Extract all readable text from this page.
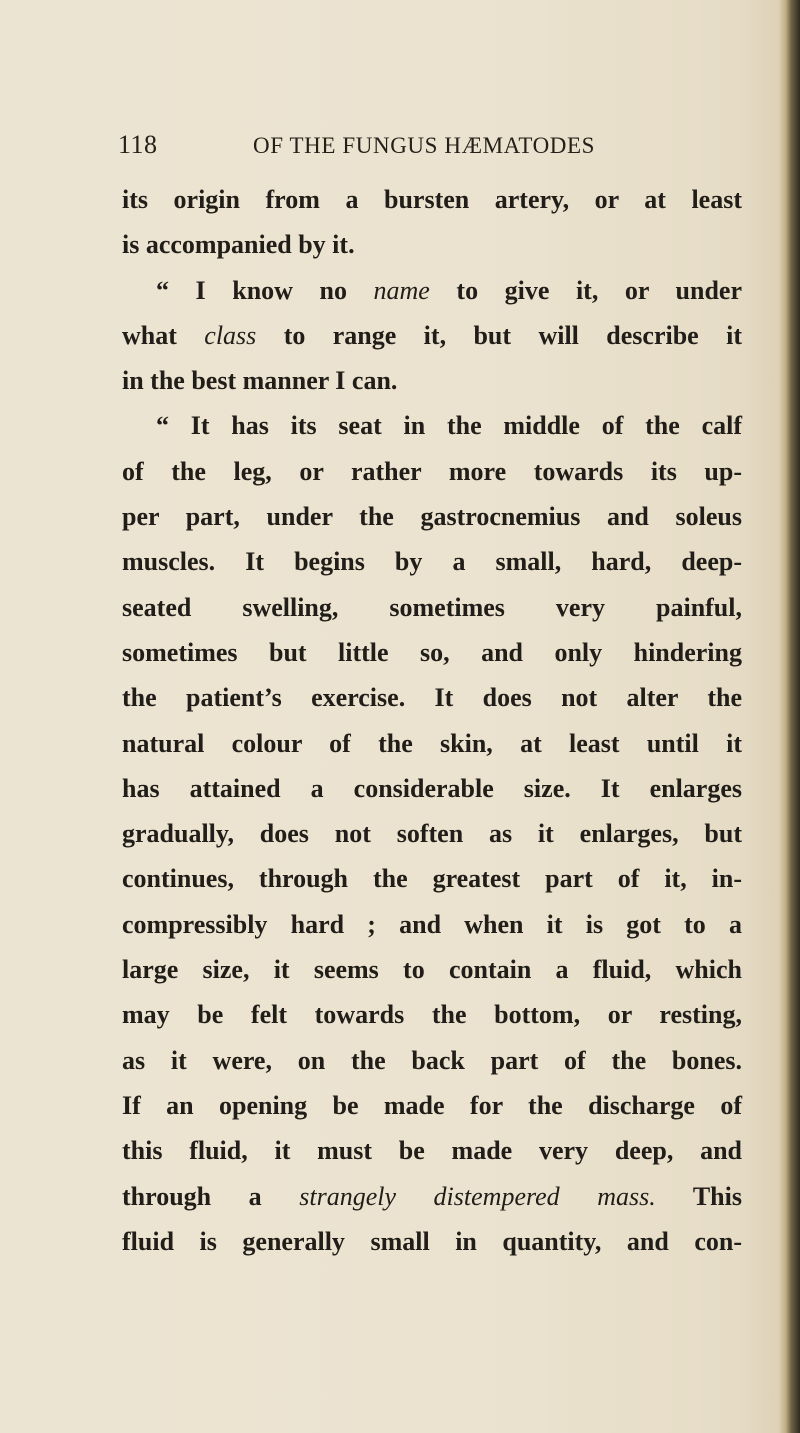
118	OF THE FUNGUS HÆMATODES
its origin from a bursten artery, or at least
is accompanied by it.
“ I know no name to give it, or under
what class to range it, but will describe it
in the best manner I can.
“ It has its seat in the middle of the calf
of the leg, or rather more towards its up-
per part, under the gastrocnemius and soleus
muscles. It begins by a small, hard, deep-
seated swelling, sometimes very painful,
sometimes but little so, and only hindering
the patient’s exercise. It does not alter the
natural colour of the skin, at least until it
has attained a considerable size. It enlarges
gradually, does not soften as it enlarges, but
continues, through the greatest part of it, in-
compressibly hard ; and when it is got to a
large size, it seems to contain a fluid, which
may be felt towards the bottom, or resting,
as it were, on the back part of the bones.
If an opening be made for the discharge of
this fluid, it must be made very deep, and
through a strangely distempered mass. This
fluid is generally small in quantity, and con-
